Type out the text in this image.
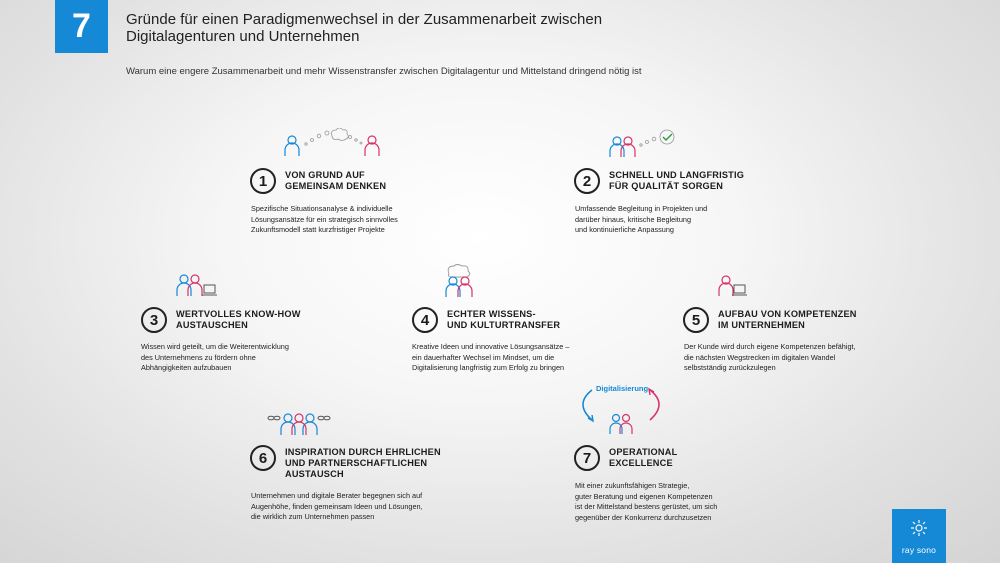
7	Gründe für einen Paradigmenwechsel in der Zusammenarbeit zwischen
Digitalagenturen und Unternehmen
Warum eine engere Zusammenarbeit und mehr Wissenstransfer zwischen Digitalagentur und Mittelstand dringend nötig ist
1	VON GRUND AUF
GEMEINSAM DENKEN
Spezifische Situationsanalyse & individuelle
Lösungsansätze für ein strategisch sinnvolles
Zukunftsmodell statt kurzfristiger Projekte
2	SCHNELL UND LANGFRISTIG
FÜR QUALITÄT SORGEN
Umfassende Begleitung in Projekten und
darüber hinaus, kritische Begleitung
und kontinuierliche Anpassung
3	WERTVOLLES KNOW-HOW
AUSTAUSCHEN
Wissen wird geteilt, um die Weiterentwicklung
des Unternehmens zu fördern ohne
Abhängigkeiten aufzubauen
4	ECHTER WISSENS-
UND KULTURTRANSFER
Kreative Ideen und innovative Lösungsansätze –
ein dauerhafter Wechsel im Mindset, um die
Digitalisierung langfristig zum Erfolg zu bringen
5	AUFBAU VON KOMPETENZEN
IM UNTERNEHMEN
Der Kunde wird durch eigene Kompetenzen befähigt,
die nächsten Wegstrecken im digitalen Wandel
selbstständig zurückzulegen
6	INSPIRATION DURCH EHRLICHEN
UND PARTNERSCHAFTLICHEN
AUSTAUSCH
Unternehmen und digitale Berater begegnen sich auf
Augenhöhe, finden gemeinsam Ideen und Lösungen,
die wirklich zum Unternehmen passen
Digitalisierung
7	OPERATIONAL
EXCELLENCE
Mit einer zukunftsfähigen Strategie,
guter Beratung und eigenen Kompetenzen
ist der Mittelstand bestens gerüstet, um sich
gegenüber der Konkurrenz durchzusetzen
ray sono
